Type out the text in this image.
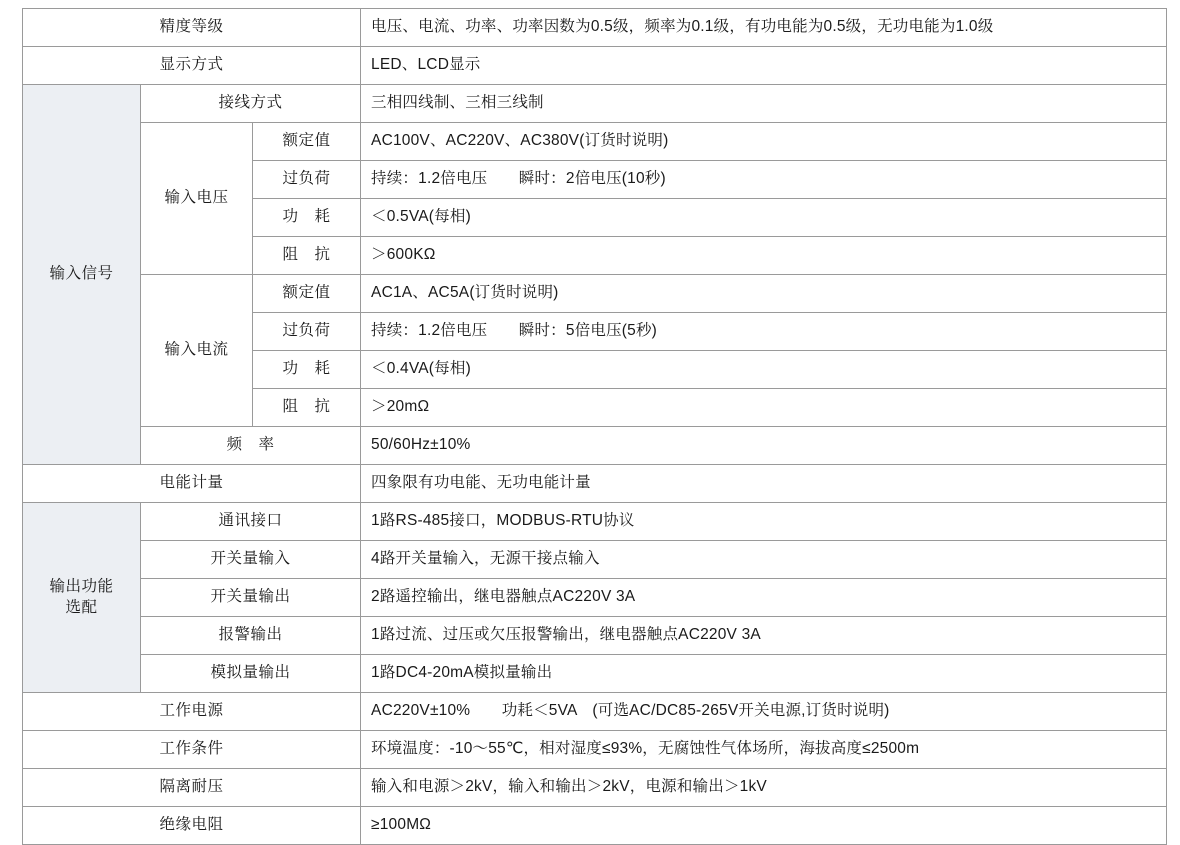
精度等级			电压、电流、功率、功率因数为0.5级，频率为0.1级，有功电能为0.5级，无功电能为1.0级
显示方式			LED、LCD显示
输入信号	接线方式		三相四线制、三相三线制
	输入电压	额定值	AC100V、AC220V、AC380V(订货时说明)
		过负荷	持续：1.2倍电压　　瞬时：2倍电压(10秒)
		功　耗	＜0.5VA(每相)
		阻　抗	＞600KΩ
	输入电流	额定值	AC1A、AC5A(订货时说明)
		过负荷	持续：1.2倍电压　　瞬时：5倍电压(5秒)
		功　耗	＜0.4VA(每相)
		阻　抗	＞20mΩ
	频　率		50/60Hz±10%
电能计量			四象限有功电能、无功电能计量

输出功能
选配	通讯接口		1路RS-485接口，MODBUS-RTU协议
	开关量输入		4路开关量输入，无源干接点输入
	开关量输出		2路遥控输出，继电器触点AC220V 3A
	报警输出		1路过流、过压或欠压报警输出，继电器触点AC220V 3A
	模拟量输出		1路DC4-20mA模拟量输出
工作电源			AC220V±10%　　功耗＜5VA　(可选AC/DC85-265V开关电源,订货时说明)
工作条件			环境温度：-10～55℃，相对湿度≤93%，无腐蚀性气体场所，海拔高度≤2500m
隔离耐压			输入和电源＞2kV，输入和输出＞2kV，电源和输出＞1kV
绝缘电阻			≥100MΩ
